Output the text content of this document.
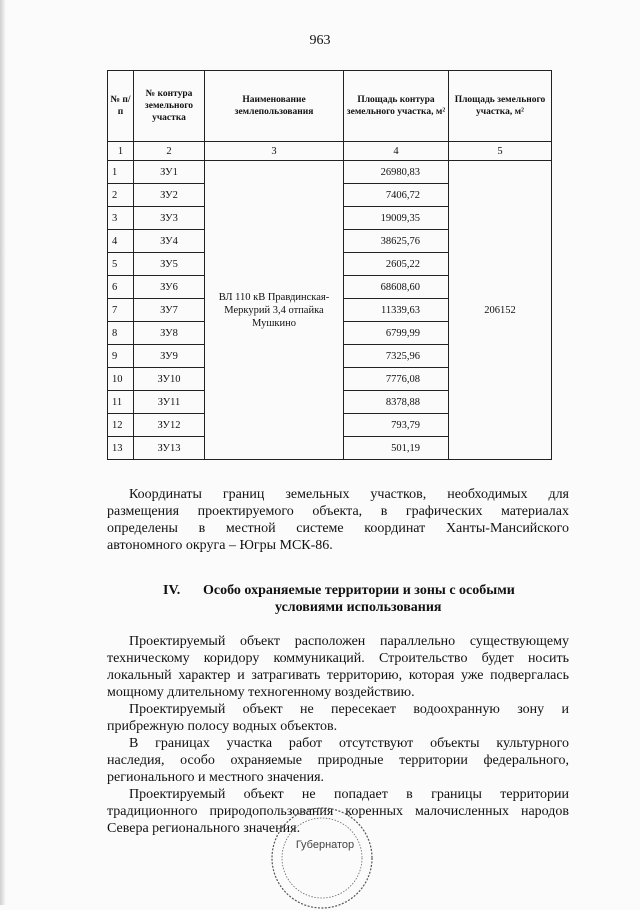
963
№ п/п	№ контура земельного участка	Наименование землепользования	Площадь контура земельного участка, м²	Площадь земельного участка, м²
1	2	3	4	5
1	ЗУ1	ВЛ 110 кВ Правдинская-Меркурий 3,4 отпайка Мушкино	26980,83	206152
2	ЗУ2		7406,72	
3	ЗУ3		19009,35	
4	ЗУ4		38625,76	
5	ЗУ5		2605,22	
6	ЗУ6		68608,60	
7	ЗУ7		11339,63	
8	ЗУ8		6799,99	
9	ЗУ9		7325,96	
10	ЗУ10		7776,08	
11	ЗУ11		8378,88	
12	ЗУ12		793,79	
13	ЗУ13		501,19	
Координаты границ земельных участков, необходимых для
размещения проектируемого объекта, в графических материалах
определены в местной системе координат Ханты-Мансийского
автономного округа – Югры МСК-86.
IV. Особо охраняемые территории и зоны с особыми
условиями использования
Проектируемый объект расположен параллельно существующему
техническому коридору коммуникаций. Строительство будет носить
локальный характер и затрагивать территорию, которая уже подвергалась
мощному длительному техногенному воздействию.
Проектируемый объект не пересекает водоохранную зону и
прибрежную полосу водных объектов.
В границах участка работ отсутствуют объекты культурного
наследия, особо охраняемые природные территории федерального,
регионального и местного значения.
Проектируемый объект не попадает в границы территории
традиционного природопользования коренных малочисленных народов
Севера регионального значения.
Губернатор
